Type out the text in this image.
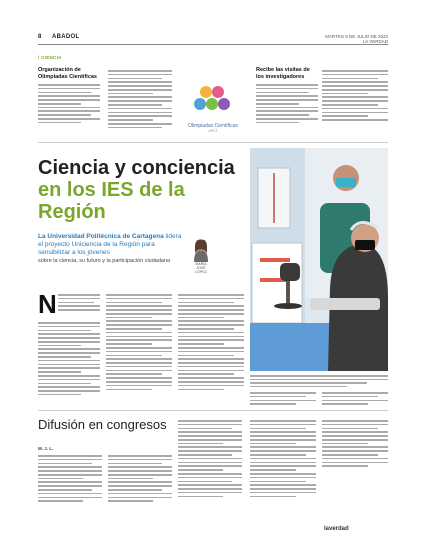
8 ABADOL	MARTES 5 DE JULIO DE 2022
LA VERDAD
/ CIENCIA
Organización de Olimpiadas Científicas
Olimpiadas Científicas
UPCT
Recibe las visitas de los investigadores
Ciencia y conciencia
en los IES de la Región
La Universidad Politécnica de Cartagena lidera el proyecto Uniciencia de la Región para sensibilizar a los jóvenes
sobre la ciencia, su futuro y la participación ciudadana	MARÍA JOSÉ
LÓPEZ
N
Difusión en congresos
M. J. L.
laverdad
